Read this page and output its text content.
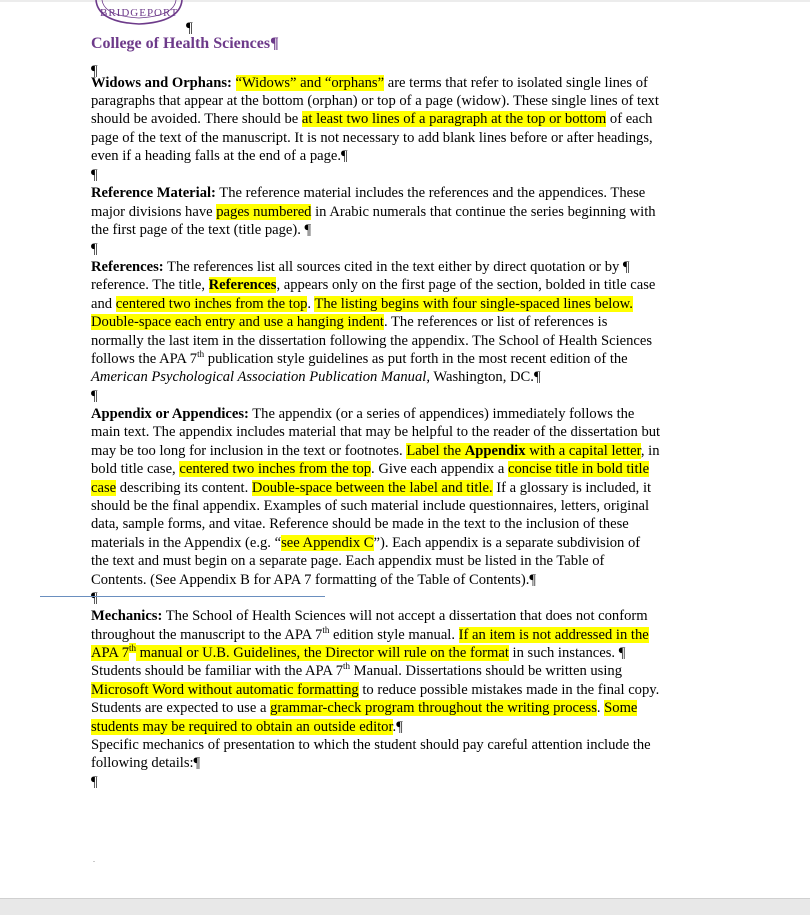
BRIDGEPORT
¶
College of Health Sciences¶
¶
Widows and Orphans: “Widows” and “orphans” are terms that refer to isolated single lines of
paragraphs that appear at the bottom (orphan) or top of a page (widow). These single lines of text
should be avoided. There should be at least two lines of a paragraph at the top or bottom of each
page of the text of the manuscript. It is not necessary to add blank lines before or after headings,
even if a heading falls at the end of a page.¶
¶
Reference Material: The reference material includes the references and the appendices. These
major divisions have pages numbered in Arabic numerals that continue the series beginning with
the first page of the text (title page). ¶
¶
References: The references list all sources cited in the text either by direct quotation or by ¶
reference. The title, References, appears only on the first page of the section, bolded in title case
and centered two inches from the top. The listing begins with four single-spaced lines below.
Double-space each entry and use a hanging indent. The references or list of references is
normally the last item in the dissertation following the appendix. The School of Health Sciences
follows the APA 7th publication style guidelines as put forth in the most recent edition of the
American Psychological Association Publication Manual, Washington, DC.¶
¶
Appendix or Appendices: The appendix (or a series of appendices) immediately follows the
main text. The appendix includes material that may be helpful to the reader of the dissertation but
may be too long for inclusion in the text or footnotes. Label the Appendix with a capital letter, in
bold title case, centered two inches from the top. Give each appendix a concise title in bold title
case describing its content. Double-space between the label and title. If a glossary is included, it
should be the final appendix. Examples of such material include questionnaires, letters, original
data, sample forms, and vitae. Reference should be made in the text to the inclusion of these
materials in the Appendix (e.g. “see Appendix C”). Each appendix is a separate subdivision of
the text and must begin on a separate page. Each appendix must be listed in the Table of
Contents. (See Appendix B for APA 7 formatting of the Table of Contents).¶
¶
Mechanics: The School of Health Sciences will not accept a dissertation that does not conform
throughout the manuscript to the APA 7th edition style manual. If an item is not addressed in the
APA 7th manual or U.B. Guidelines, the Director will rule on the format in such instances. ¶
Students should be familiar with the APA 7th Manual. Dissertations should be written using
Microsoft Word without automatic formatting to reduce possible mistakes made in the final copy.
Students are expected to use a grammar-check program throughout the writing process. Some
students may be required to obtain an outside editor.¶
Specific mechanics of presentation to which the student should pay careful attention include the
following details:¶
¶
.
